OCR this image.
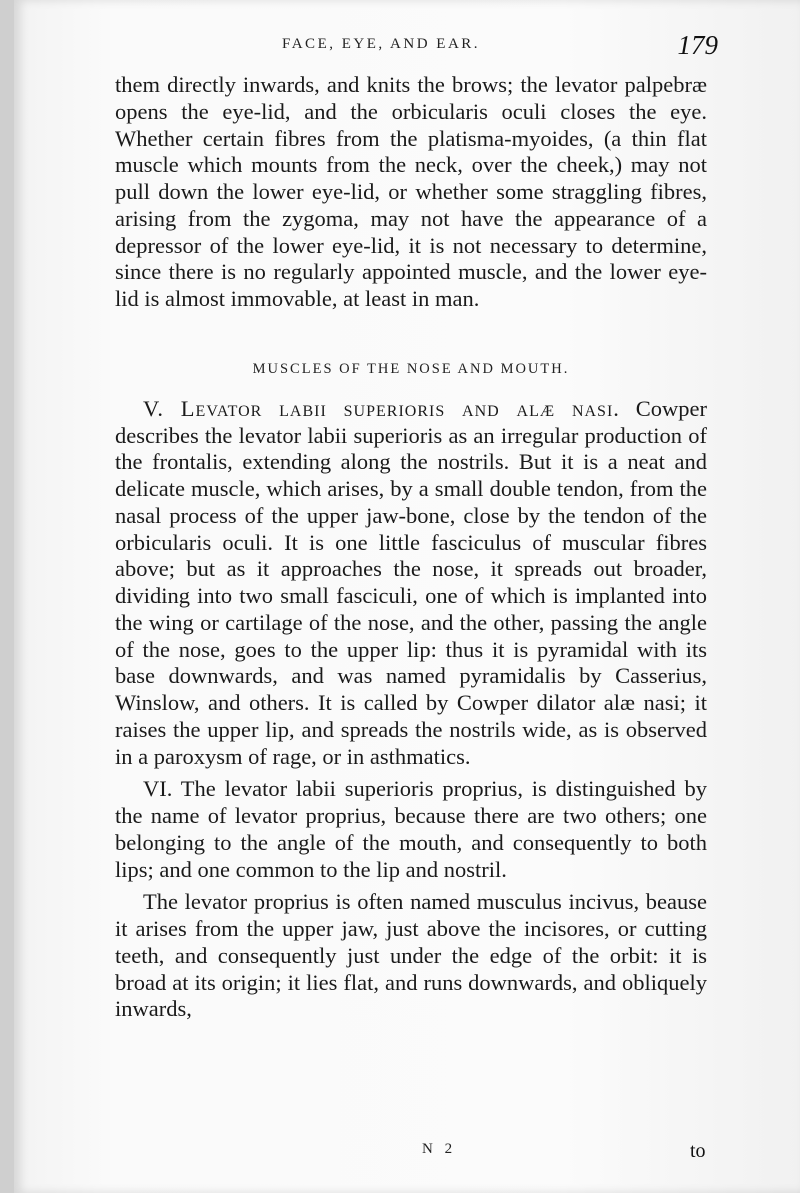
FACE, EYE, AND EAR.	179

them directly inwards, and knits the brows; the levator palpebræ opens the eye-lid, and the orbicularis oculi closes the eye. Whether certain fibres from the platisma-myoides, (a thin flat muscle which mounts from the neck, over the cheek,) may not pull down the lower eye-lid, or whether some straggling fibres, arising from the zygoma, may not have the appearance of a depressor of the lower eye-lid, it is not necessary to determine, since there is no regularly appointed muscle, and the lower eye-lid is almost immovable, at least in man.

MUSCLES OF THE NOSE AND MOUTH.

V. Levator labii superioris and alæ nasi. Cowper describes the levator labii superioris as an irregular production of the frontalis, extending along the nostrils. But it is a neat and delicate muscle, which arises, by a small double tendon, from the nasal process of the upper jaw-bone, close by the tendon of the orbicularis oculi. It is one little fasciculus of muscular fibres above; but as it approaches the nose, it spreads out broader, dividing into two small fasciculi, one of which is implanted into the wing or cartilage of the nose, and the other, passing the angle of the nose, goes to the upper lip: thus it is pyramidal with its base downwards, and was named pyramidalis by Casserius, Winslow, and others. It is called by Cowper dilator alæ nasi; it raises the upper lip, and spreads the nostrils wide, as is observed in a paroxysm of rage, or in asthmatics.

VI. The levator labii superioris proprius, is distinguished by the name of levator proprius, because there are two others; one belonging to the angle of the mouth, and consequently to both lips; and one common to the lip and nostril.

The levator proprius is often named musculus incivus, beause it arises from the upper jaw, just above the incisores, or cutting teeth, and consequently just under the edge of the orbit: it is broad at its origin; it lies flat, and runs downwards, and obliquely inwards,

N 2	to
